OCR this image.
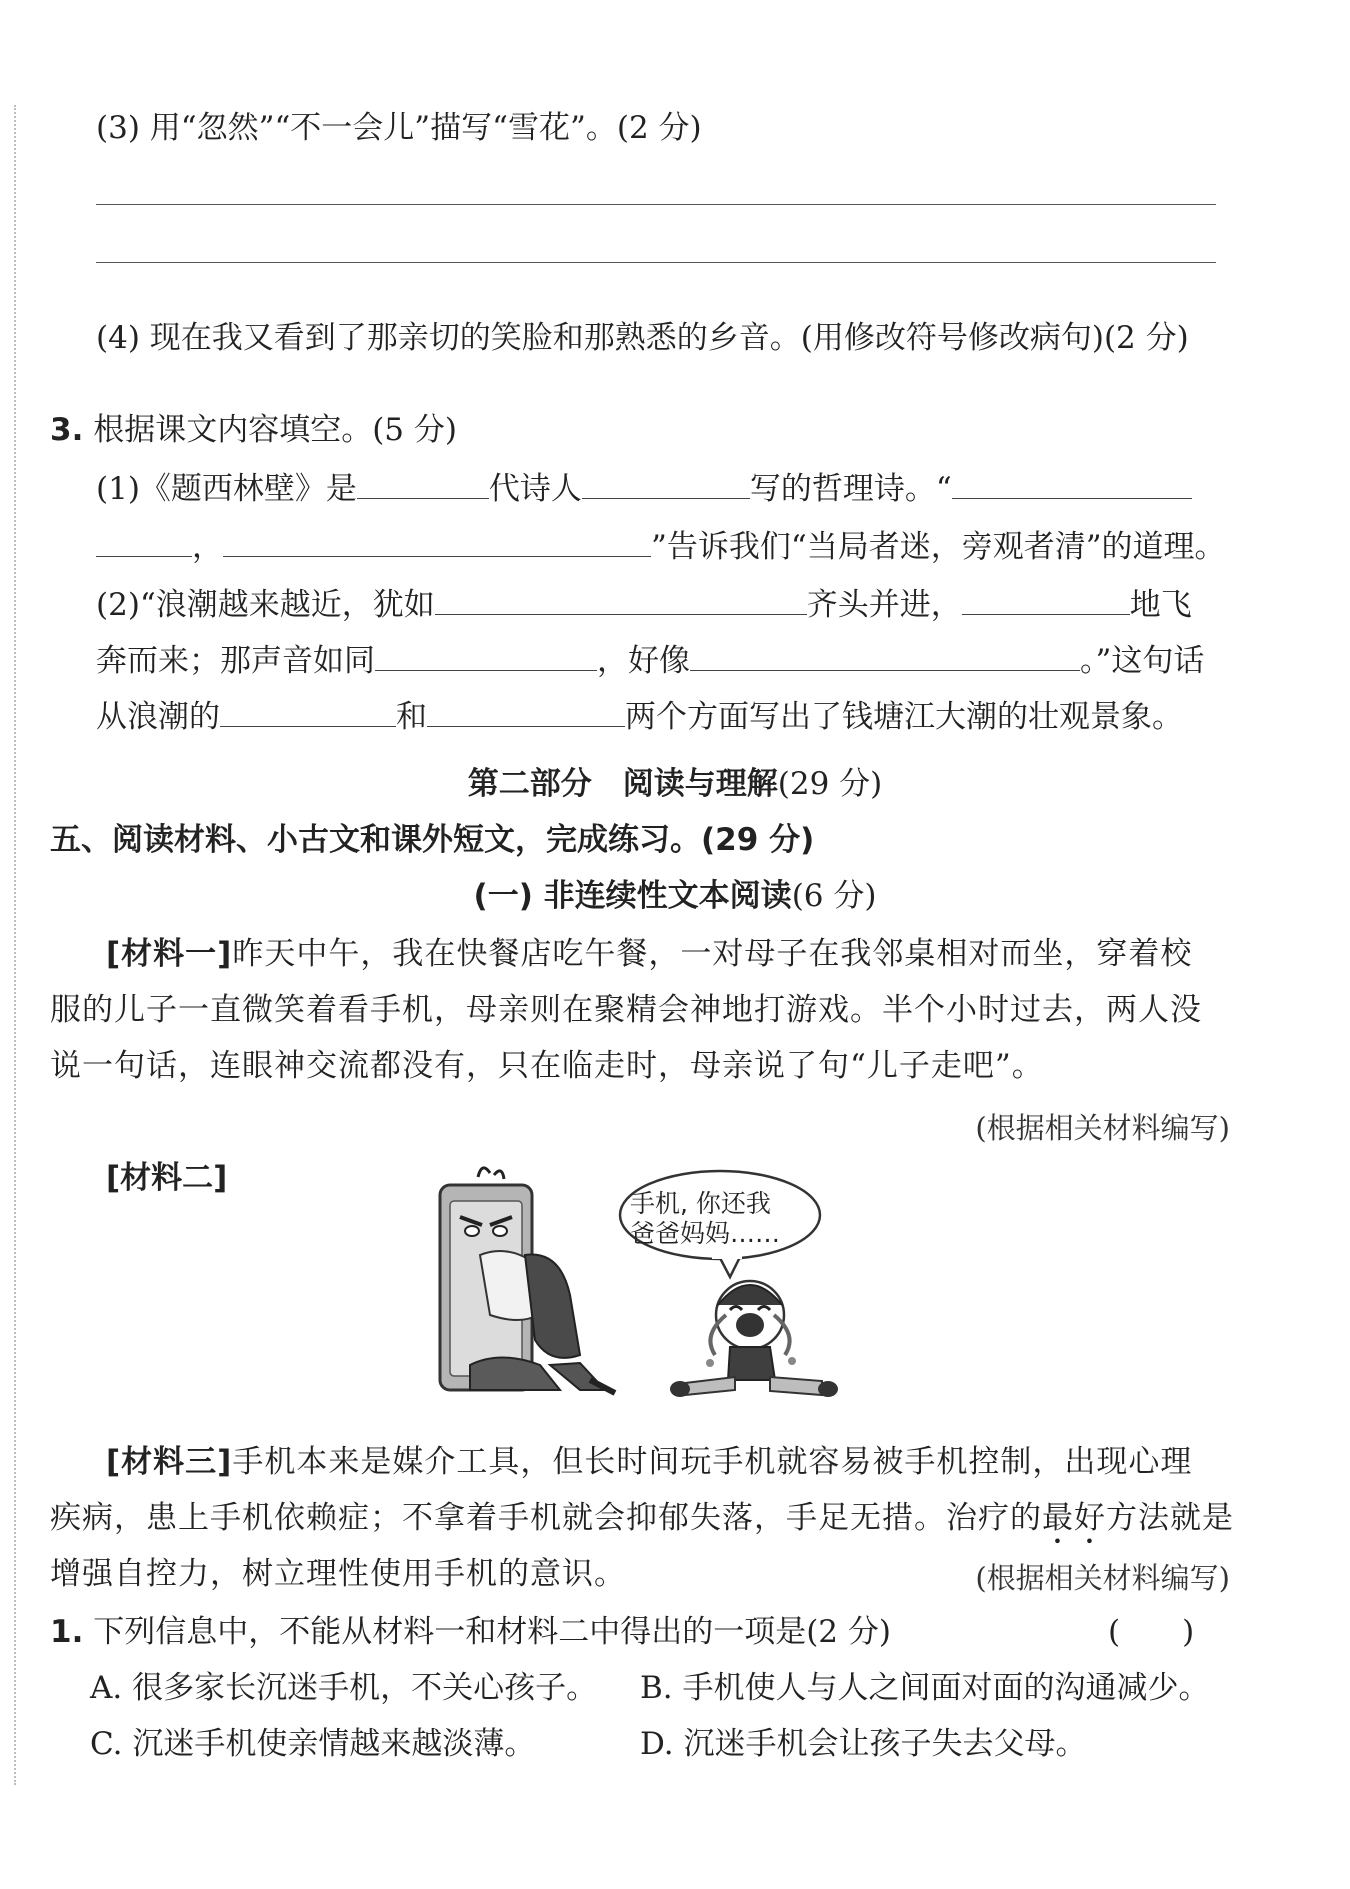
(3) 用“忽然”“不一会儿”描写“雪花”。(2 分)
(4) 现在我又看到了那亲切的笑脸和那熟悉的乡音。(用修改符号修改病句)(2 分)
3. 根据课文内容填空。(5 分)
(1)《题西林壁》是	代诗人	写的哲理诗。“
，	”告诉我们“当局者迷，旁观者清”的道理。
(2)“浪潮越来越近，犹如	齐头并进，	地飞
奔而来；那声音如同	，好像	。”这句话
从浪潮的	和	两个方面写出了钱塘江大潮的壮观景象。
第二部分　阅读与理解(29 分)
五、阅读材料、小古文和课外短文，完成练习。(29 分)
(一) 非连续性文本阅读(6 分)
[材料一]昨天中午，我在快餐店吃午餐，一对母子在我邻桌相对而坐，穿着校
服的儿子一直微笑着看手机，母亲则在聚精会神地打游戏。半个小时过去，两人没
说一句话，连眼神交流都没有，只在临走时，母亲说了句“儿子走吧”。
(根据相关材料编写)
[材料二]
手机, 你还我
爸爸妈妈……
[材料三]手机本来是媒介工具，但长时间玩手机就容易被手机控制，出现心理
疾病，患上手机依赖症；不拿着手机就会抑郁失落，手足无措。治疗的最好方法就是
增强自控力，树立理性使用手机的意识。	(根据相关材料编写)
1. 下列信息中，不能从材料一和材料二中得出的一项是(2 分)	(　　)
A. 很多家长沉迷手机，不关心孩子。 B. 手机使人与人之间面对面的沟通减少。
C. 沉迷手机使亲情越来越淡薄。	D. 沉迷手机会让孩子失去父母。
